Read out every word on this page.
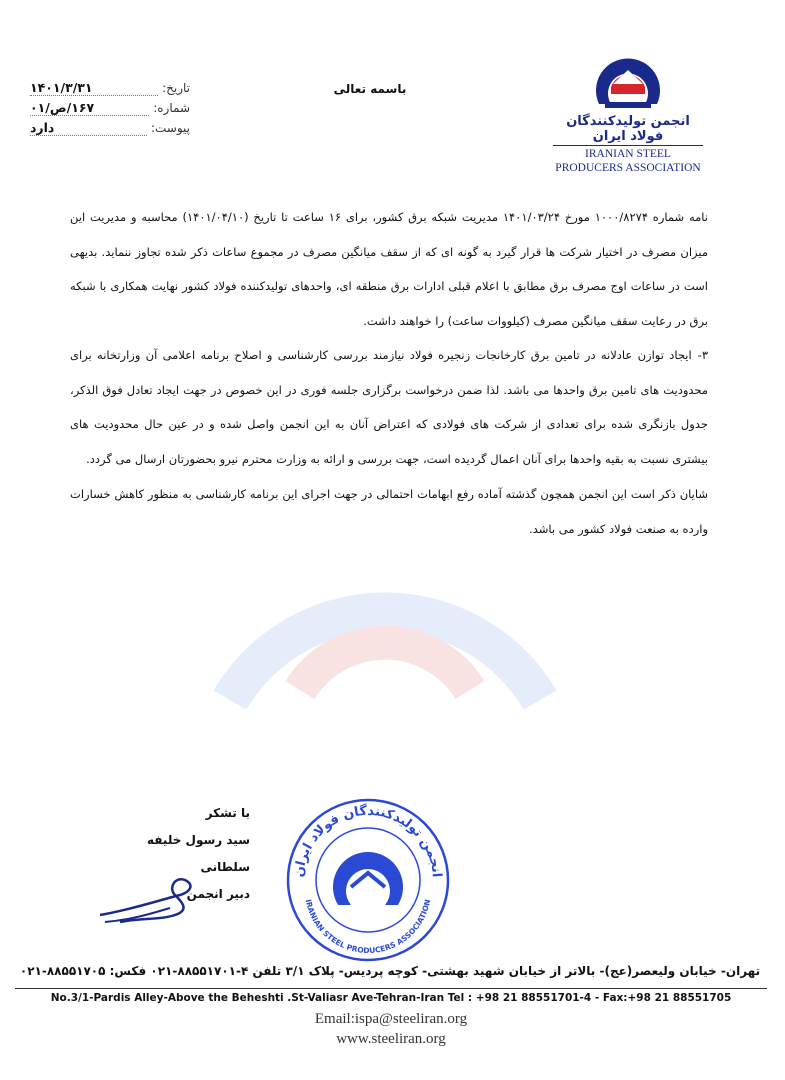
انجمن تولیدکنندگان فولاد ایران
IRANIAN STEEL
PRODUCERS ASSOCIATION
باسمه تعالی
تاریخ:
۱۴۰۱/۳/۳۱
شماره:
۱۶۷/ص/۰۱
پیوست:
دارد

نامه شماره ۱۰۰۰/۸۲۷۴ مورخ ۱۴۰۱/۰۳/۲۴ مدیریت شبکه برق کشور، برای ۱۶ ساعت تا تاریخ (۱۴۰۱/۰۴/۱۰) محاسبه و مدیریت این میزان مصرف در اختیار شرکت ها قرار گیرد به گونه ای که از سقف میانگین مصرف در مجموع ساعات ذکر شده تجاوز ننماید. بدیهی است در ساعات اوج مصرف برق مطابق با اعلام قبلی ادارات برق منطقه ای، واحدهای تولیدکننده فولاد کشور نهایت همکاری با شبکه برق در رعایت سقف میانگین مصرف (کیلووات ساعت) را خواهند داشت.

۳-
ایجاد توازن عادلانه در تامین برق کارخانجات زنجیره فولاد نیازمند بررسی کارشناسی و اصلاح برنامه اعلامی آن وزارتخانه برای محدودیت های تامین برق واحدها می باشد. لذا ضمن درخواست برگزاری جلسه فوری در این خصوص در جهت ایجاد تعادل فوق الذکر، جدول بازنگری شده برای تعدادی از شرکت های فولادی که اعتراض آنان به این انجمن واصل شده و در عین حال محدودیت های بیشتری نسبت به بقیه واحدها برای آنان اعمال گردیده است، جهت بررسی و ارائه به وزارت محترم نیرو بحضورتان ارسال می گردد.

شایان ذکر است این انجمن همچون گذشته آماده رفع ابهامات احتمالی در جهت اجرای این برنامه کارشناسی به منظور کاهش خسارات وارده به صنعت فولاد کشور می باشد.

با تشکر
سید رسول خلیفه سلطانی
دبیر انجمن
انجمن تولیدکنندگان فولاد ایران
IRANIAN STEEL PRODUCERS ASSOCIATION
تهران- خیابان ولیعصر(عج)- بالاتر از خیابان شهید بهشتی- کوچه پردیس- پلاک ۳/۱ تلفن ۴-۸۸۵۵۱۷۰۱-۰۲۱ فکس: ۸۸۵۵۱۷۰۵-۰۲۱
No.3/1-Pardis Alley-Above the Beheshti .St-Valiasr Ave-Tehran-Iran Tel : +98 21 88551701-4 - Fax:+98 21 88551705
Email:ispa@steeliran.org
www.steeliran.org
